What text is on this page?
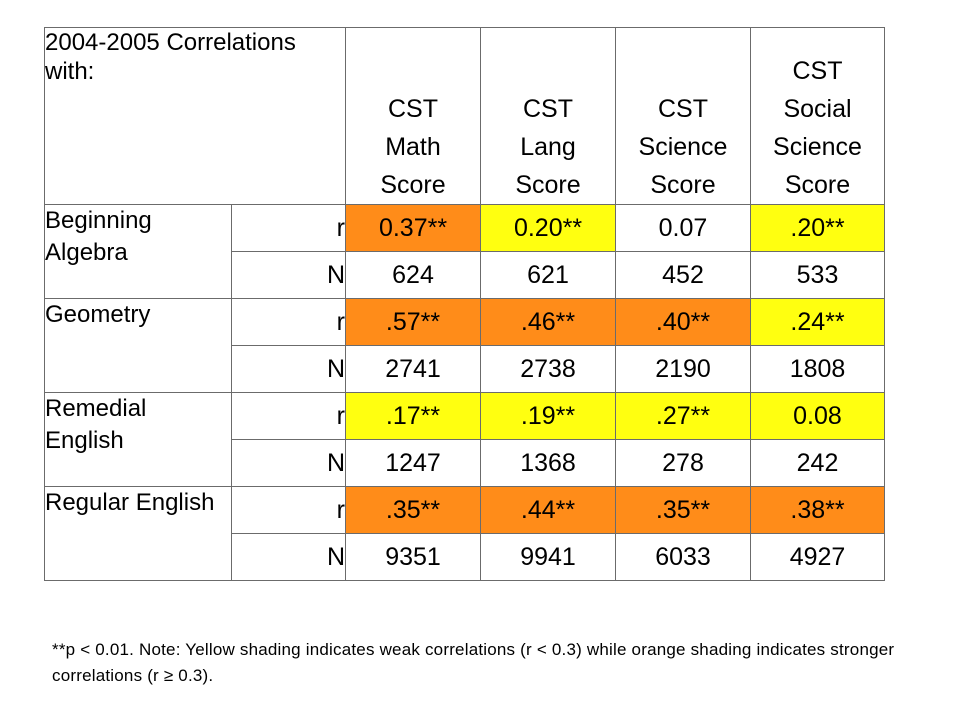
2004-2005 Correlations with:		CST
Math
Score	CST
Lang
Score	CST
Science
Score	CST
Social
Science
Score

Beginning Algebra	r	0.37**	0.20**	0.07	.20**
	N	624	621	452	533
Geometry	r	.57**	.46**	.40**	.24**
	N	2741	2738	2190	1808
Remedial English	r	.17**	.19**	.27**	0.08
	N	1247	1368	278	242
Regular English	r	.35**	.44**	.35**	.38**
	N	9351	9941	6033	4927
**p < 0.01. Note: Yellow shading indicates weak correlations (r < 0.3) while orange shading indicates stronger correlations (r ≥ 0.3).
